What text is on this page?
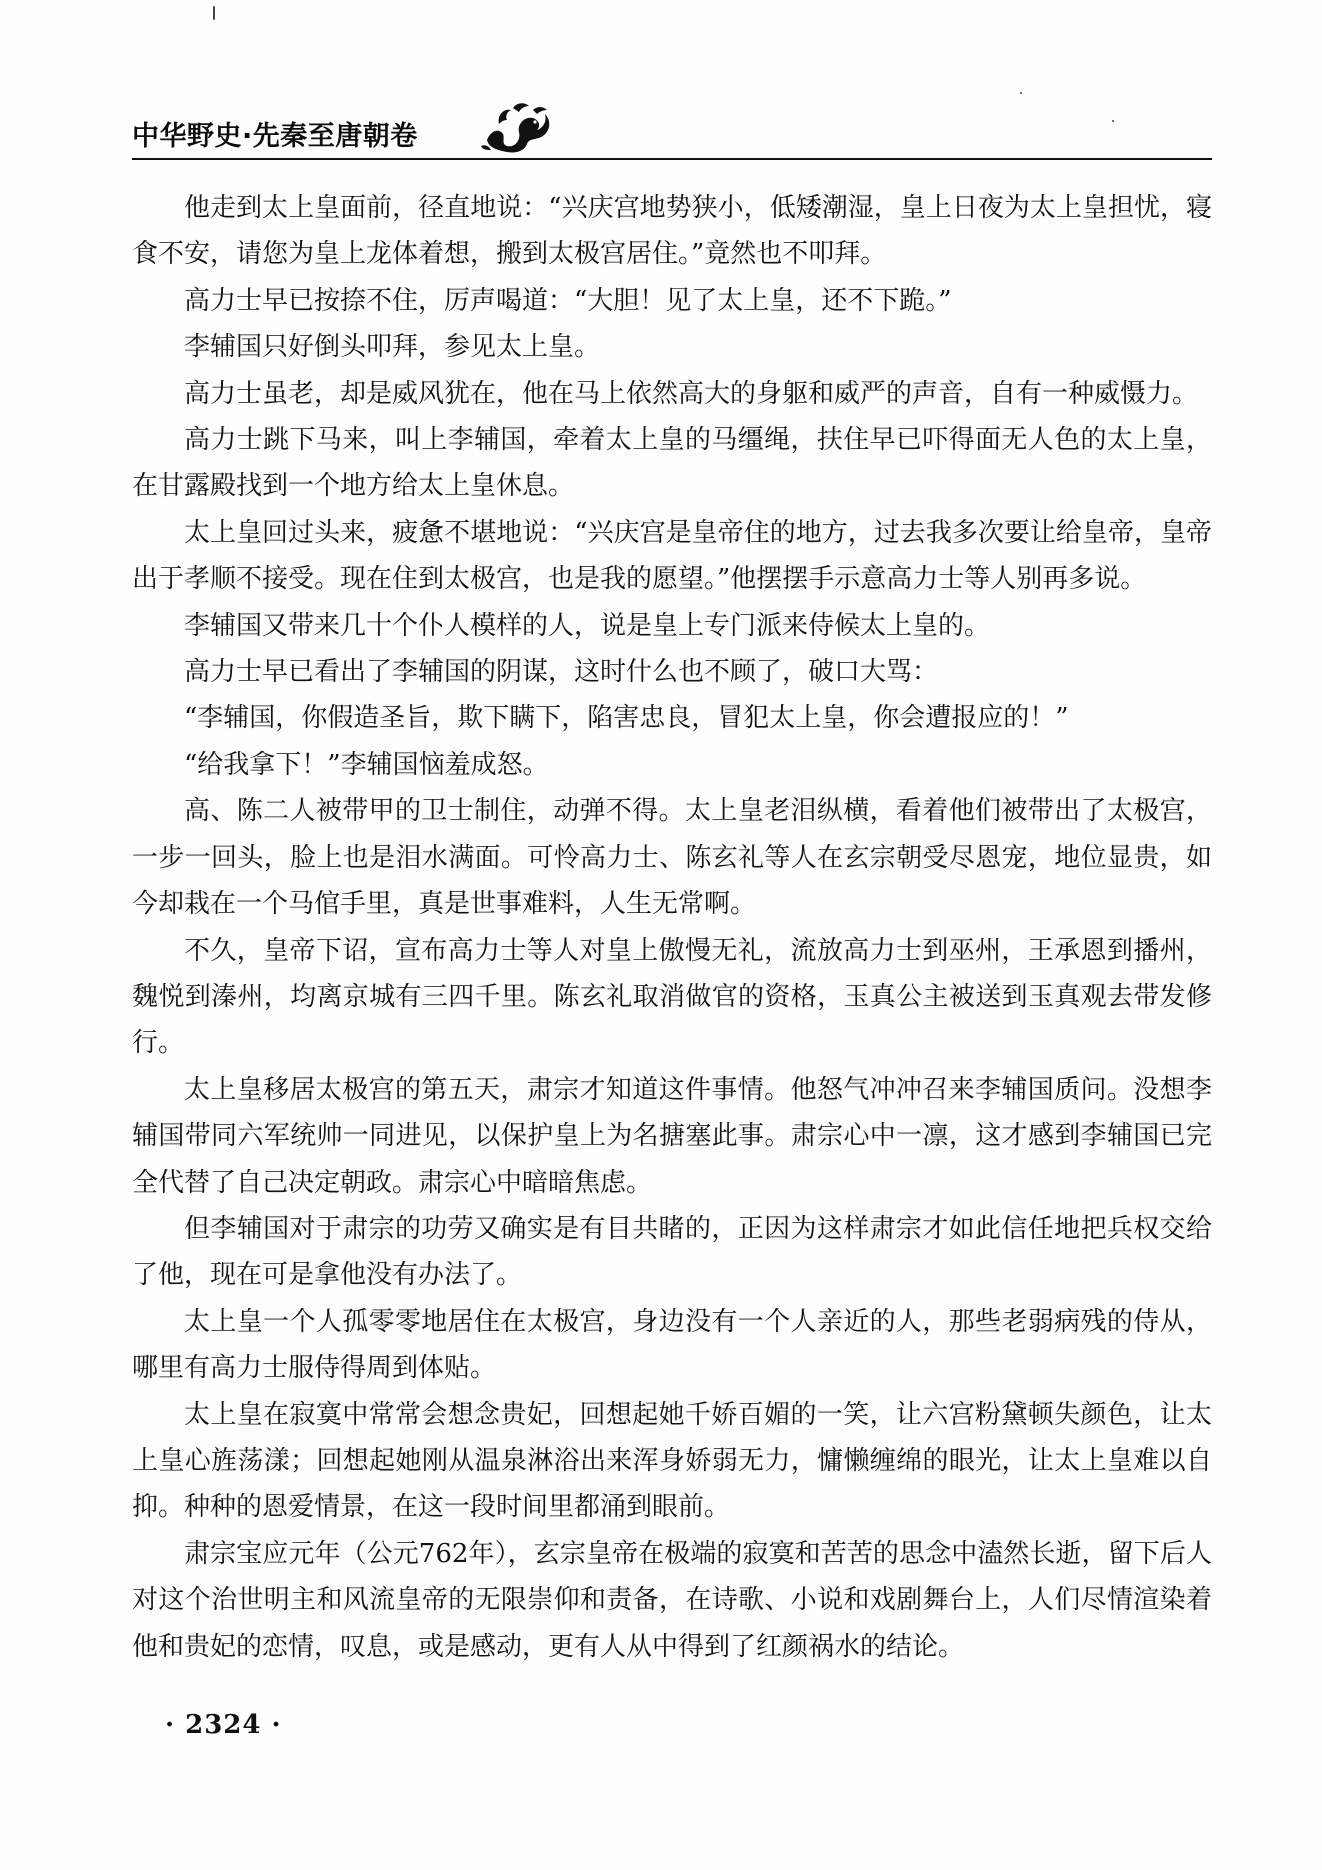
中华野史·先秦至唐朝卷

他走到太上皇面前，径直地说：“兴庆宫地势狭小，低矮潮湿，皇上日夜为太上皇担忧，寝食不安，请您为皇上龙体着想，搬到太极宫居住。”竟然也不叩拜。

高力士早已按捺不住，厉声喝道：“大胆！见了太上皇，还不下跪。”

李辅国只好倒头叩拜，参见太上皇。

高力士虽老，却是威风犹在，他在马上依然高大的身躯和威严的声音，自有一种威慑力。

高力士跳下马来，叫上李辅国，牵着太上皇的马缰绳，扶住早已吓得面无人色的太上皇，在甘露殿找到一个地方给太上皇休息。

太上皇回过头来，疲惫不堪地说：“兴庆宫是皇帝住的地方，过去我多次要让给皇帝，皇帝出于孝顺不接受。现在住到太极宫，也是我的愿望。”他摆摆手示意高力士等人别再多说。

李辅国又带来几十个仆人模样的人，说是皇上专门派来侍候太上皇的。

高力士早已看出了李辅国的阴谋，这时什么也不顾了，破口大骂：

“李辅国，你假造圣旨，欺下瞒下，陷害忠良，冒犯太上皇，你会遭报应的！”

“给我拿下！”李辅国恼羞成怒。

高、陈二人被带甲的卫士制住，动弹不得。太上皇老泪纵横，看着他们被带出了太极宫，一步一回头，脸上也是泪水满面。可怜高力士、陈玄礼等人在玄宗朝受尽恩宠，地位显贵，如今却栽在一个马倌手里，真是世事难料，人生无常啊。

不久，皇帝下诏，宣布高力士等人对皇上傲慢无礼，流放高力士到巫州，王承恩到播州，魏悦到溱州，均离京城有三四千里。陈玄礼取消做官的资格，玉真公主被送到玉真观去带发修行。

太上皇移居太极宫的第五天，肃宗才知道这件事情。他怒气冲冲召来李辅国质问。没想李辅国带同六军统帅一同进见，以保护皇上为名搪塞此事。肃宗心中一凛，这才感到李辅国已完全代替了自己决定朝政。肃宗心中暗暗焦虑。

但李辅国对于肃宗的功劳又确实是有目共睹的，正因为这样肃宗才如此信任地把兵权交给了他，现在可是拿他没有办法了。

太上皇一个人孤零零地居住在太极宫，身边没有一个人亲近的人，那些老弱病残的侍从，哪里有高力士服侍得周到体贴。

太上皇在寂寞中常常会想念贵妃，回想起她千娇百媚的一笑，让六宫粉黛顿失颜色，让太上皇心旌荡漾；回想起她刚从温泉淋浴出来浑身娇弱无力，慵懒缠绵的眼光，让太上皇难以自抑。种种的恩爱情景，在这一段时间里都涌到眼前。

肃宗宝应元年（公元762年），玄宗皇帝在极端的寂寞和苦苦的思念中溘然长逝，留下后人对这个治世明主和风流皇帝的无限崇仰和责备，在诗歌、小说和戏剧舞台上，人们尽情渲染着他和贵妃的恋情，叹息，或是感动，更有人从中得到了红颜祸水的结论。

· 2324 ·
